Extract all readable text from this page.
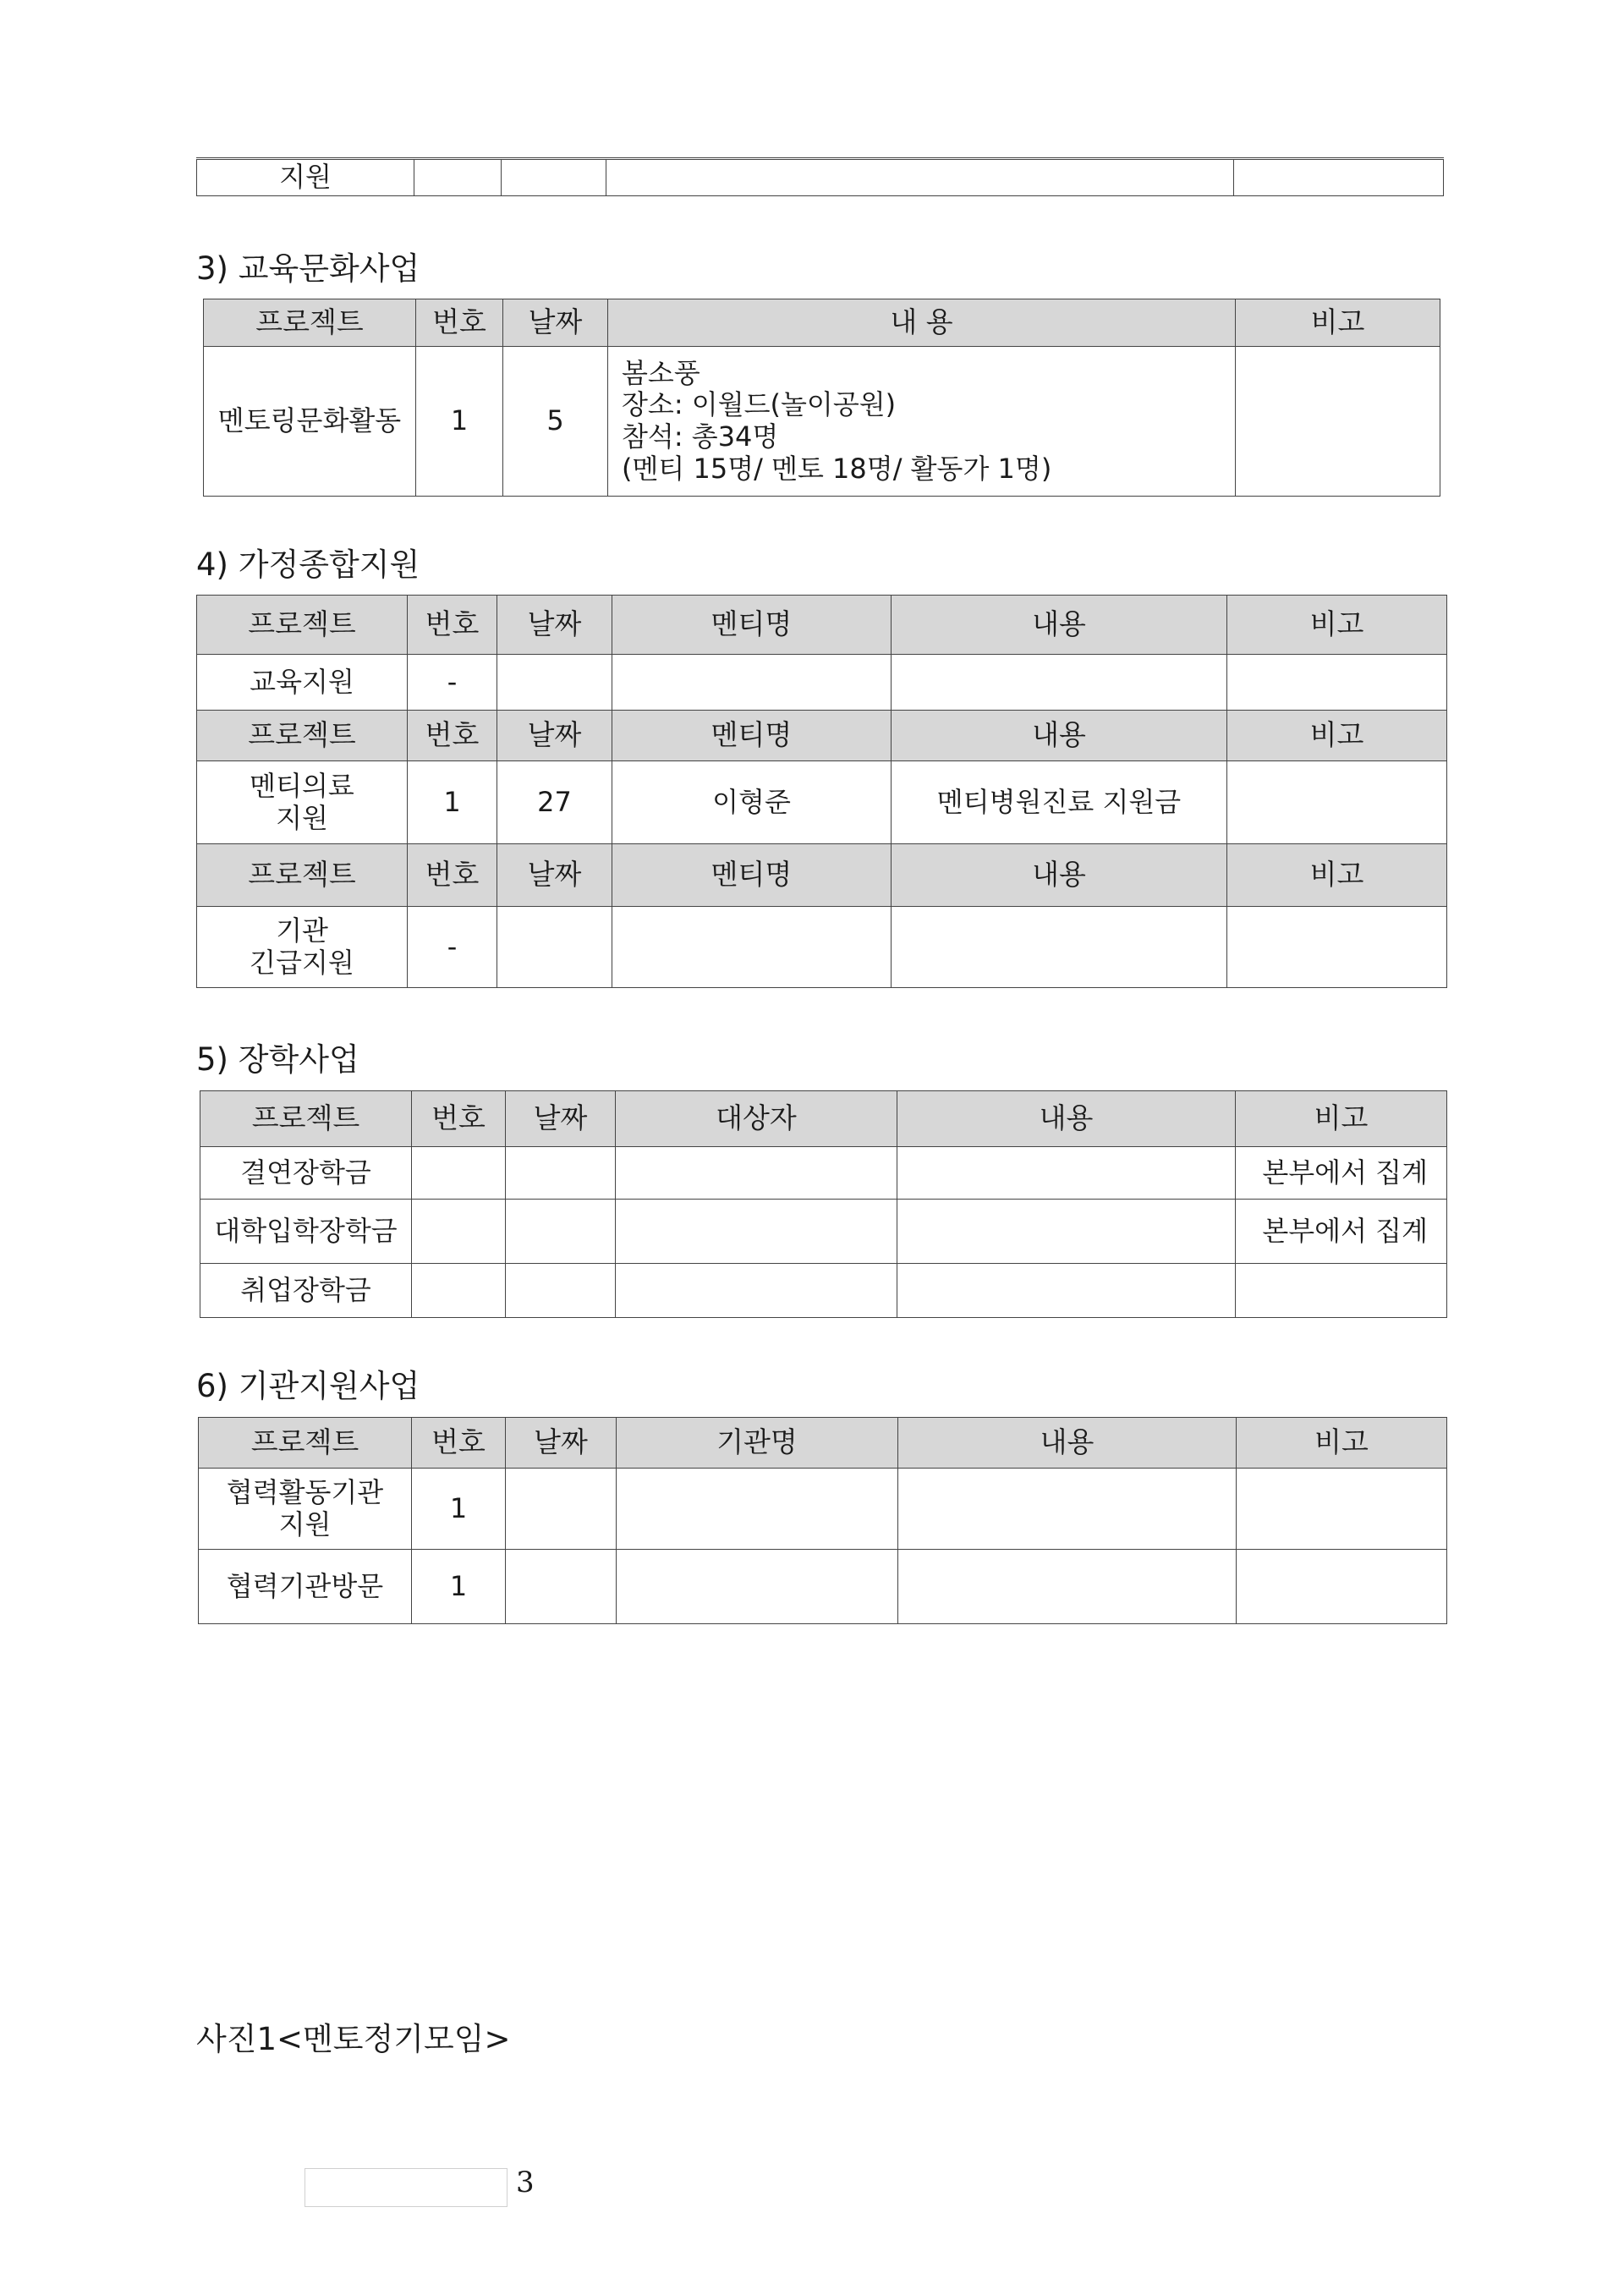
지원				
3) 교육문화사업
프로젝트	번호	날짜	내 용	비고
멘토링문화활동	1	5	봄소풍
장소: 이월드(놀이공원)
참석: 총34명
(멘티 15명/ 멘토 18명/ 활동가 1명)	

4) 가정종합지원
프로젝트	번호	날짜	멘티명	내용	비고
교육지원	-				
프로젝트	번호	날짜	멘티명	내용	비고
멘티의료
지원	1	27	이형준	멘티병원진료 지원금	
프로젝트	번호	날짜	멘티명	내용	비고
기관
긴급지원	-				
5) 장학사업
프로젝트	번호	날짜	대상자	내용	비고
결연장학금					본부에서 집계
대학입학장학금					본부에서 집계
취업장학금					
6) 기관지원사업
프로젝트	번호	날짜	기관명	내용	비고
협력활동기관
지원	1				
협력기관방문	1				
사진1<멘토정기모임>
3
